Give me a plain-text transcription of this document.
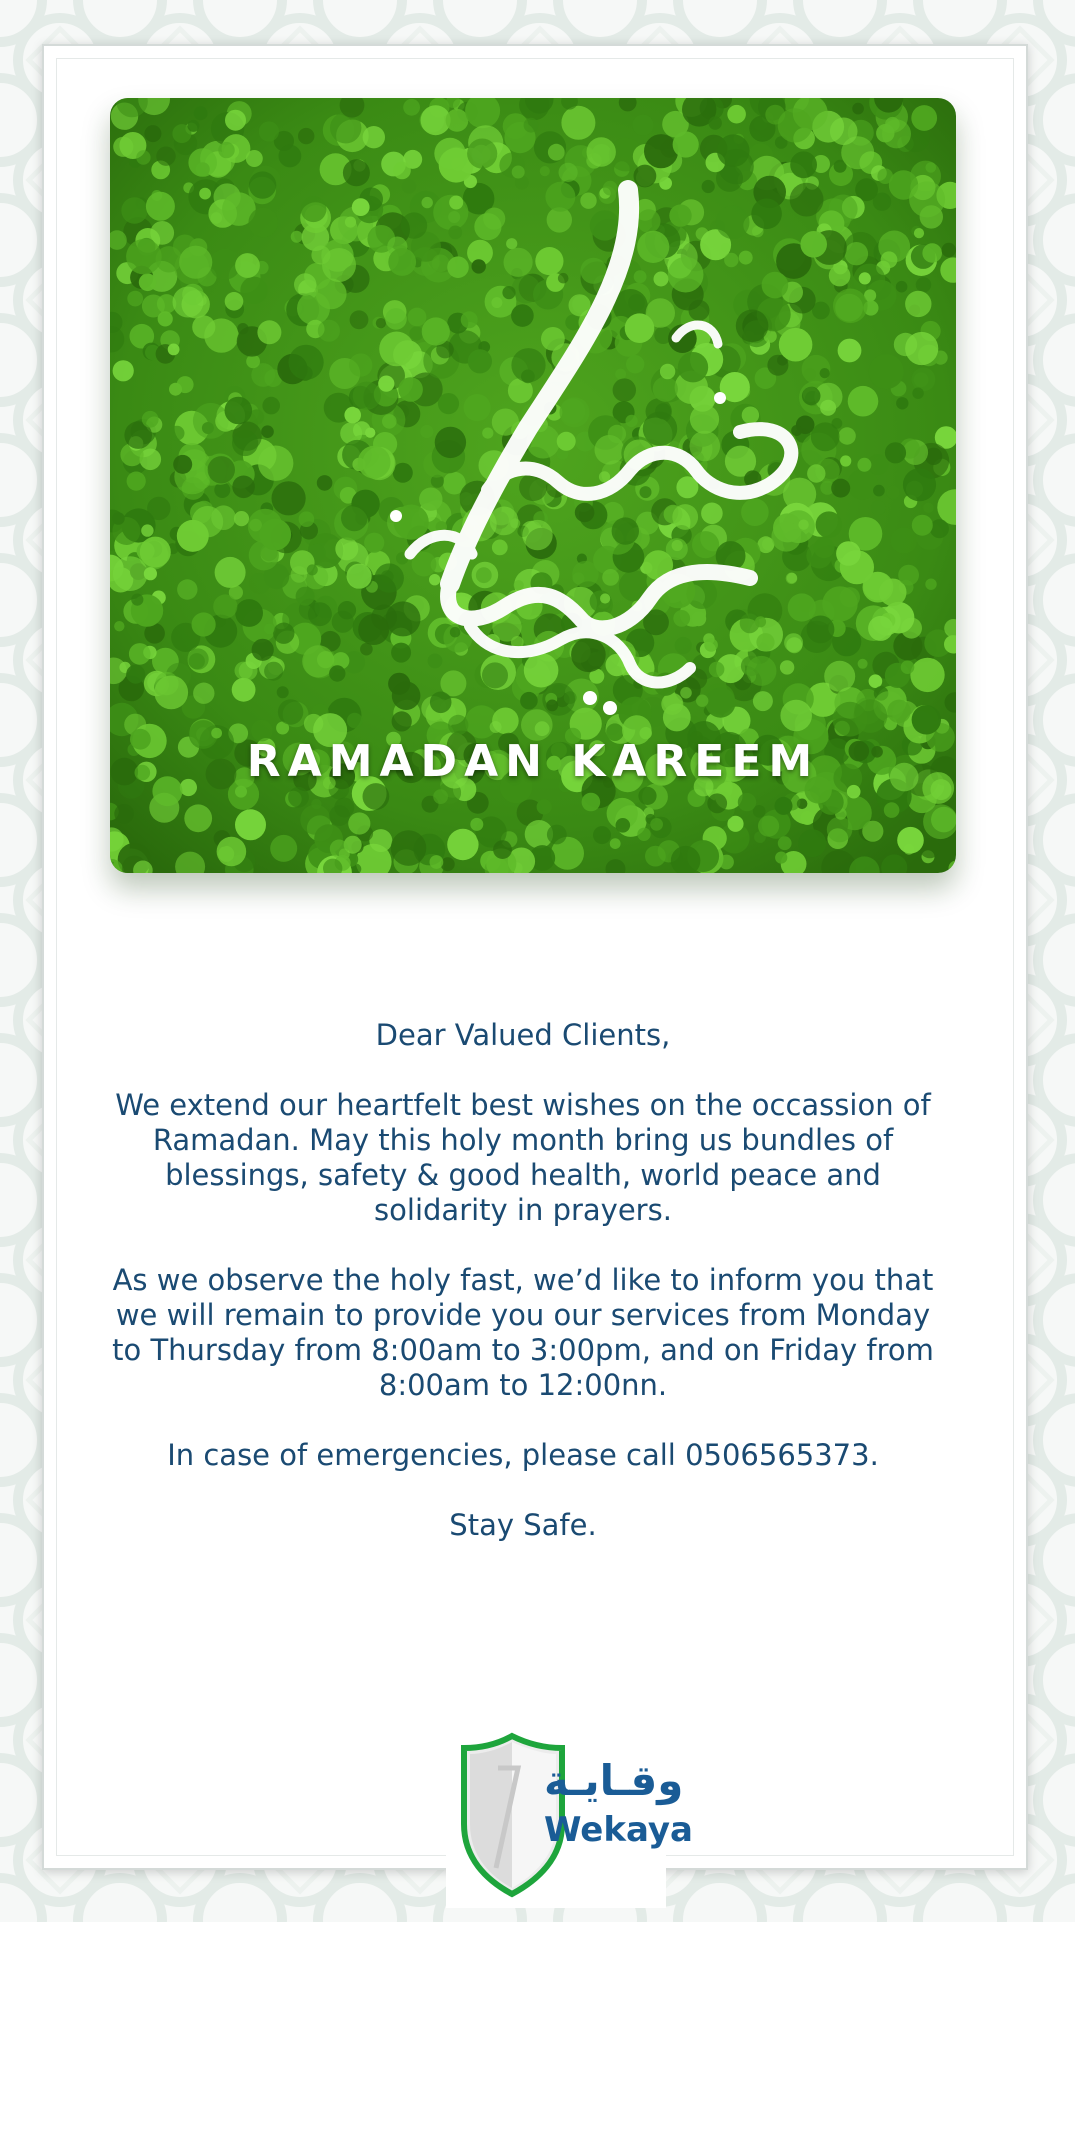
RAMADAN KAREEM

Dear Valued Clients,

We extend our heartfelt best wishes on the occassion of Ramadan. May this holy month bring us bundles of blessings, safety & good health, world peace and solidarity in prayers.

As we observe the holy fast, we’d like to inform you that we will remain to provide you our services from Monday to Thursday from 8:00am to 3:00pm, and on Friday from 8:00am to 12:00nn.

In case of emergencies, please call 0506565373.

Stay Safe.

وقـايـة
Wekaya
